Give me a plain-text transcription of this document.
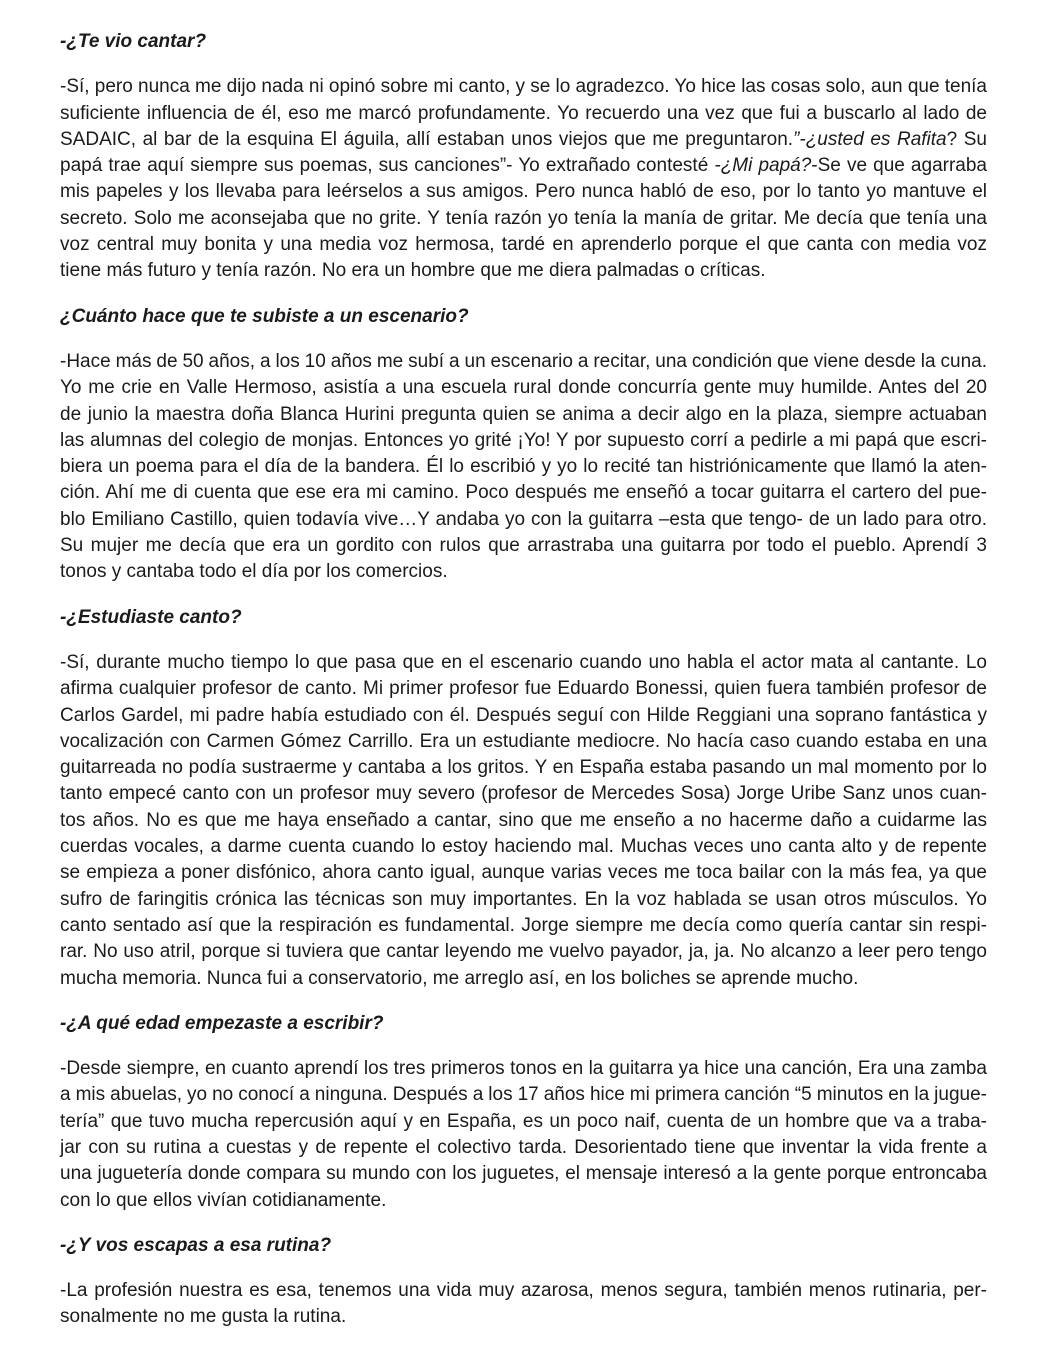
-¿Te vio cantar?
-Sí, pero nunca me dijo nada ni opinó sobre mi canto, y se lo agradezco. Yo hice las cosas solo, aun que tenía
suficiente influencia de él, eso me marcó profundamente. Yo recuerdo una vez que fui a buscarlo al lado de
SADAIC, al bar de la esquina El águila, allí estaban unos viejos que me preguntaron.”-¿usted es Rafita? Su
papá trae aquí siempre sus poemas, sus canciones”- Yo extrañado contesté -¿Mi papá?-Se ve que agarraba
mis papeles y los llevaba para leérselos a sus amigos. Pero nunca habló de eso, por lo tanto yo mantuve el
secreto. Solo me aconsejaba que no grite. Y tenía razón yo tenía la manía de gritar. Me decía que tenía una
voz central muy bonita y una media voz hermosa, tardé en aprenderlo porque el que canta con media voz
tiene más futuro y tenía razón. No era un hombre que me diera palmadas o críticas.
¿Cuánto hace que te subiste a un escenario?
-Hace más de 50 años, a los 10 años me subí a un escenario a recitar, una condición que viene desde la cuna.
Yo me crie en Valle Hermoso, asistía a una escuela rural donde concurría gente muy humilde. Antes del 20
de junio la maestra doña Blanca Hurini pregunta quien se anima a decir algo en la plaza, siempre actuaban
las alumnas del colegio de monjas. Entonces yo grité ¡Yo! Y por supuesto corrí a pedirle a mi papá que escri-
biera un poema para el día de la bandera. Él lo escribió y yo lo recité tan histriónicamente que llamó la aten-
ción. Ahí me di cuenta que ese era mi camino. Poco después me enseñó a tocar guitarra el cartero del pue-
blo Emiliano Castillo, quien todavía vive…Y andaba yo con la guitarra –esta que tengo- de un lado para otro.
Su mujer me decía que era un gordito con rulos que arrastraba una guitarra por todo el pueblo. Aprendí 3
tonos y cantaba todo el día por los comercios.
-¿Estudiaste canto?
-Sí, durante mucho tiempo lo que pasa que en el escenario cuando uno habla el actor mata al cantante. Lo
afirma cualquier profesor de canto. Mi primer profesor fue Eduardo Bonessi, quien fuera también profesor de
Carlos Gardel, mi padre había estudiado con él. Después seguí con Hilde Reggiani una soprano fantástica y
vocalización con Carmen Gómez Carrillo. Era un estudiante mediocre. No hacía caso cuando estaba en una
guitarreada no podía sustraerme y cantaba a los gritos. Y en España estaba pasando un mal momento por lo
tanto empecé canto con un profesor muy severo (profesor de Mercedes Sosa) Jorge Uribe Sanz unos cuan-
tos años. No es que me haya enseñado a cantar, sino que me enseño a no hacerme daño a cuidarme las
cuerdas vocales, a darme cuenta cuando lo estoy haciendo mal. Muchas veces uno canta alto y de repente
se empieza a poner disfónico, ahora canto igual, aunque varias veces me toca bailar con la más fea, ya que
sufro de faringitis crónica las técnicas son muy importantes. En la voz hablada se usan otros músculos. Yo
canto sentado así que la respiración es fundamental. Jorge siempre me decía como quería cantar sin respi-
rar. No uso atril, porque si tuviera que cantar leyendo me vuelvo payador, ja, ja. No alcanzo a leer pero tengo
mucha memoria. Nunca fui a conservatorio, me arreglo así, en los boliches se aprende mucho.
-¿A qué edad empezaste a escribir?
-Desde siempre, en cuanto aprendí los tres primeros tonos en la guitarra ya hice una canción, Era una zamba
a mis abuelas, yo no conocí a ninguna. Después a los 17 años hice mi primera canción “5 minutos en la jugue-
tería” que tuvo mucha repercusión aquí y en España, es un poco naif, cuenta de un hombre que va a traba-
jar con su rutina a cuestas y de repente el colectivo tarda. Desorientado tiene que inventar la vida frente a
una juguetería donde compara su mundo con los juguetes, el mensaje interesó a la gente porque entroncaba
con lo que ellos vivían cotidianamente.
-¿Y vos escapas a esa rutina?
-La profesión nuestra es esa, tenemos una vida muy azarosa, menos segura, también menos rutinaria, per-
sonalmente no me gusta la rutina.
